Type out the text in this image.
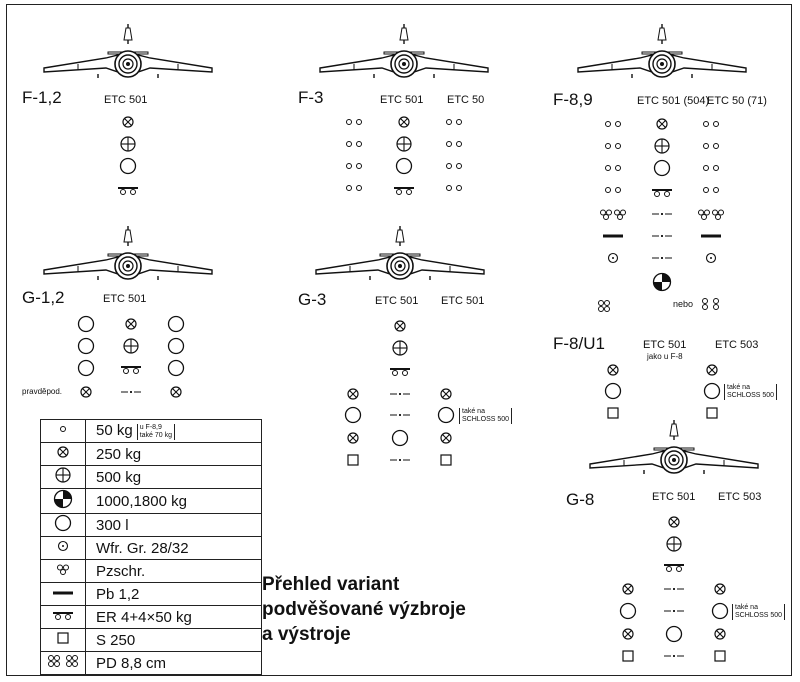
F-1,2	ETC 501	F-3	ETC 501 ETC 50	F-8,9	ETC 501 (504)
ETC 50 (71)
nebo
G-1,2	ETC 501
pravděpod.
G-3	ETC 501 ETC 501
také na
SCHLOSS 500
F-8/U1	ETC 501
jako u F-8
ETC 503
také na
SCHLOSS 500
G-8	ETC 501 ETC 503
také na
SCHLOSS 500
	50 kg u F-8,9
také 70 kg
	250 kg
	500 kg
	1000,1800 kg
	300 l
	Wfr. Gr. 28/32
	Pzschr.
	Pb 1,2
	ER 4+4×50 kg
	S 250
	PD 8,8 cm
Přehled variant
podvěšované výzbroje
a výstroje
